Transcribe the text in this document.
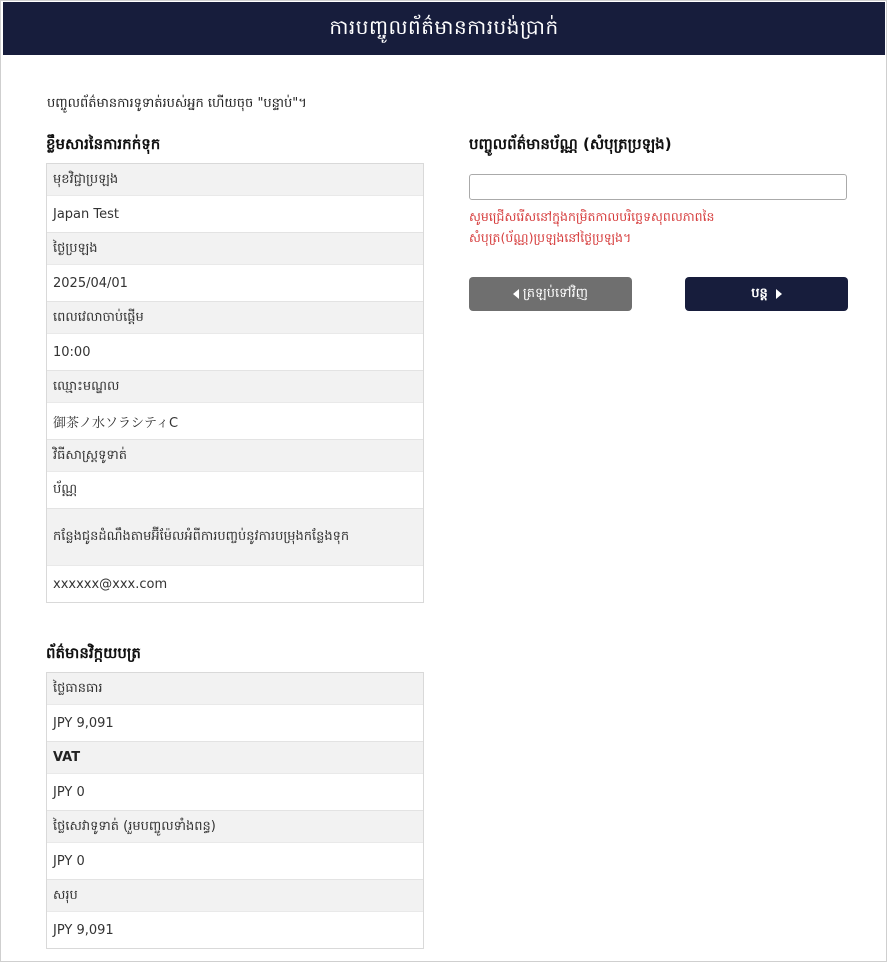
ការបញ្ចូលព័ត៌មានការបង់ប្រាក់
បញ្ចូលព័ត៌មានការទូទាត់របស់អ្នក ហើយចុច "បន្ទាប់"។
ខ្លឹមសារនៃការកក់ទុក
មុខវិជ្ជាប្រឡង
Japan Test
ថ្ងៃប្រឡង
2025/04/01
ពេលវេលាចាប់ផ្តើម
10:00
ឈ្មោះមណ្ឌល
御茶ノ水ソラシティC
វិធីសាស្រ្តទូទាត់
ប័ណ្ណ
កន្លែងជូនដំណឹងតាមអ៊ីម៉ែលអំពីការបញ្ចប់នូវការបម្រុងកន្លែងទុក
xxxxxx@xxx.com
ព័ត៌មានវិក្កយបត្រ
ថ្លៃធានធារ
JPY 9,091
VAT
JPY 0
ថ្លៃសេវាទូទាត់ (រួមបញ្ចូលទាំងពន្ធ)
JPY 0
សរុប
JPY 9,091
បញ្ចូលព័ត៌មានប័ណ្ណ (សំបុត្រប្រឡង)
សូមជ្រើសរើសនៅក្នុងកម្រិតកាលបរិច្ឆេទសុពលភាពនៃសំបុត្រ(ប័ណ្ណ)ប្រឡងនៅថ្ងៃប្រឡង។
ត្រឡប់ទៅវិញ	បន្ត
